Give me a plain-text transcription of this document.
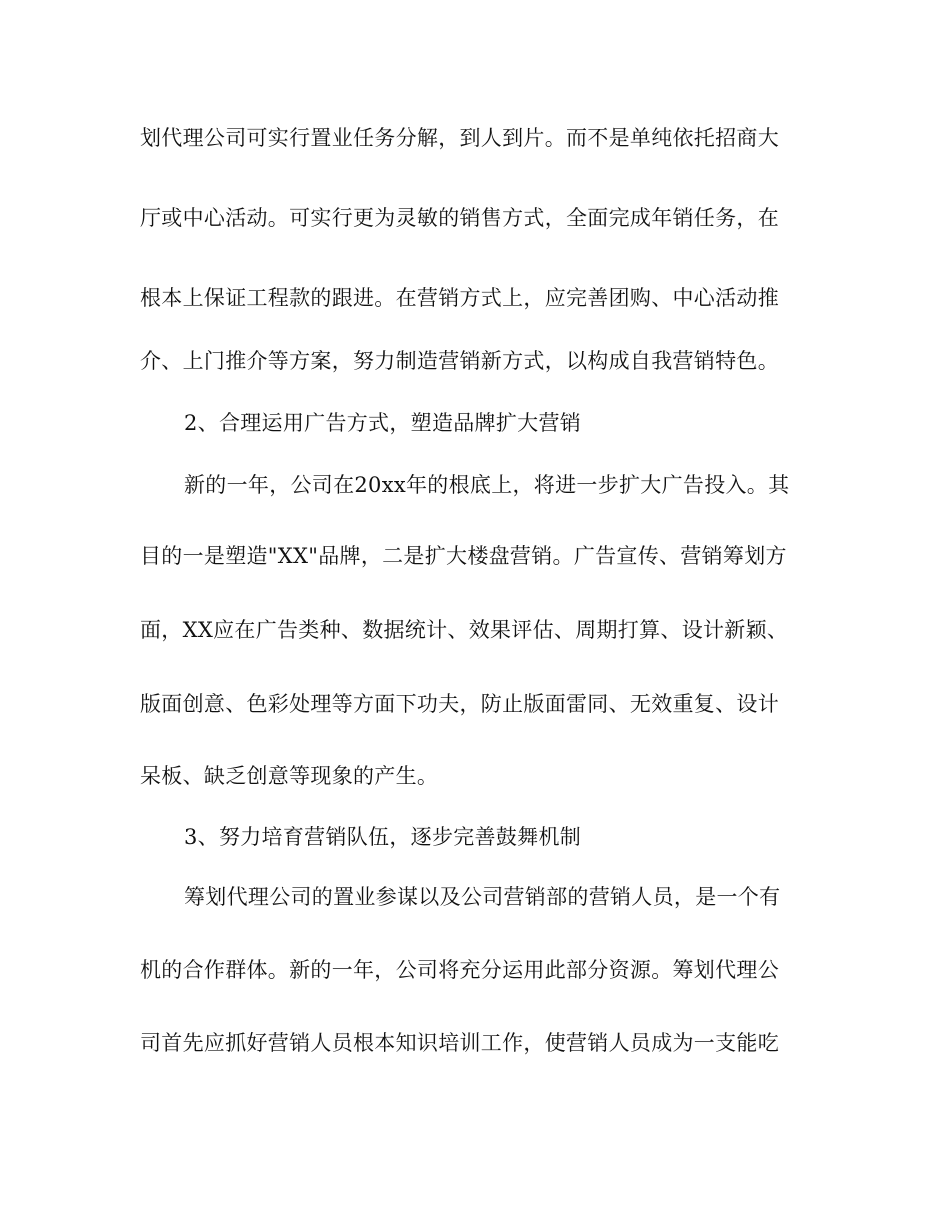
划代理公司可实行置业任务分解，到人到片。而不是单纯依托招商大
厅或中心活动。可实行更为灵敏的销售方式，全面完成年销任务，在
根本上保证工程款的跟进。在营销方式上，应完善团购、中心活动推
介、上门推介等方案，努力制造营销新方式，以构成自我营销特色。
2、合理运用广告方式，塑造品牌扩大营销
新的一年，公司在20xx年的根底上，将进一步扩大广告投入。其
目的一是塑造"XX"品牌，二是扩大楼盘营销。广告宣传、营销筹划方
面，XX应在广告类种、数据统计、效果评估、周期打算、设计新颖、
版面创意、色彩处理等方面下功夫，防止版面雷同、无效重复、设计
呆板、缺乏创意等现象的产生。
3、努力培育营销队伍，逐步完善鼓舞机制
筹划代理公司的置业参谋以及公司营销部的营销人员，是一个有
机的合作群体。新的一年，公司将充分运用此部分资源。筹划代理公
司首先应抓好营销人员根本知识培训工作，使营销人员成为一支能吃
